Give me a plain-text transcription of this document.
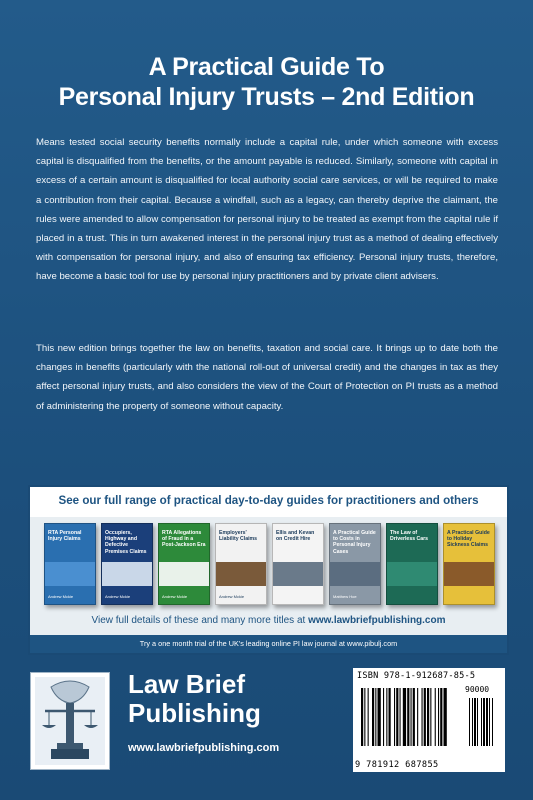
A Practical Guide To
Personal Injury Trusts – 2nd Edition
Means tested social security benefits normally include a capital rule, under which someone with excess capital is disqualified from the benefits, or the amount payable is reduced. Similarly, someone with capital in excess of a certain amount is disqualified for local authority social care services, or will be required to make a contribution from their capital. Because a windfall, such as a legacy, can thereby deprive the claimant, the rules were amended to allow compensation for personal injury to be treated as exempt from the capital rule if placed in a trust. This in turn awakened interest in the personal injury trust as a method of dealing effectively with compensation for personal injury, and also of ensuring tax efficiency. Personal injury trusts, therefore, have become a basic tool for use by personal injury practitioners and by private client advisers.
This new edition brings together the law on benefits, taxation and social care. It brings up to date both the changes in benefits (particularly with the national roll-out of universal credit) and the changes in tax as they affect personal injury trusts, and also considers the view of the Court of Protection on PI trusts as a method of administering the property of someone without capacity.
See our full range of practical day-to-day guides for practitioners and others
RTA Personal Injury Claims
Andrew Mckie
Occupiers, Highway and Defective Premises Claims
Andrew Mckie
RTA Allegations of Fraud in a Post-Jackson Era
Andrew Mckie
Employers' Liability Claims
Andrew Mckie
Ellis and Kevan on Credit Hire
A Practical Guide to Costs in Personal Injury Cases
Matthew Hoe
The Law of Driverless Cars
A Practical Guide to Holiday Sickness Claims
View full details of these and many more titles at www.lawbriefpublishing.com
Try a one month trial of the UK's leading online PI law journal at www.pibulj.com
Law Brief
Publishing
www.lawbriefpublishing.com
ISBN 978-1-912687-85-5
90000
9 781912 687855
